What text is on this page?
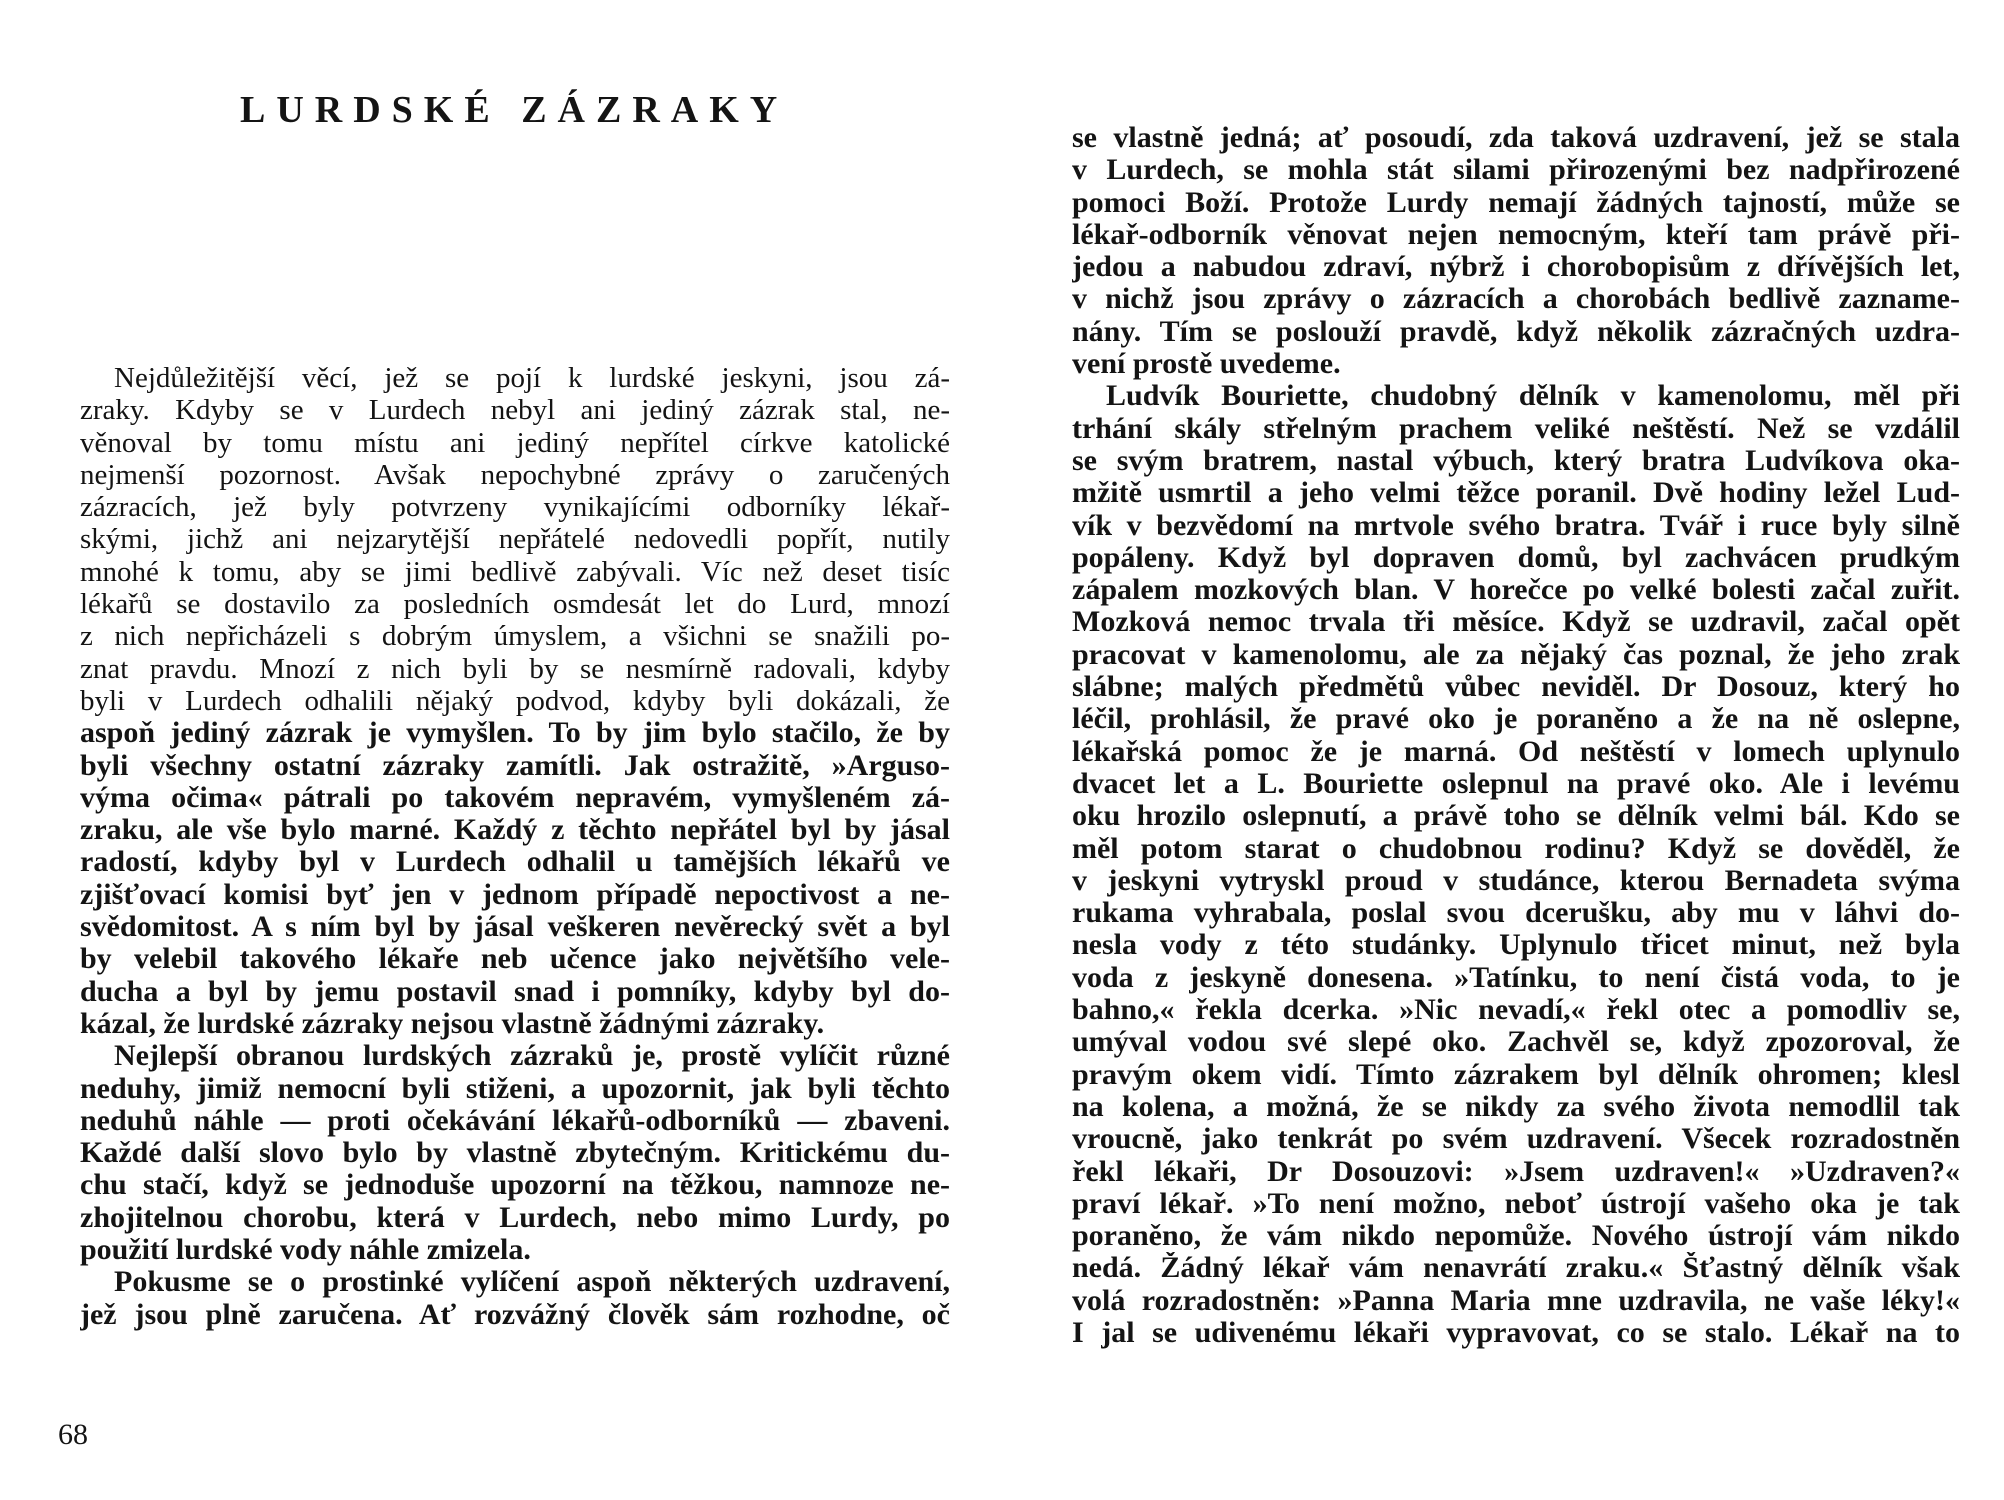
LURDSKÉ ZÁZRAKY
Nejdůležitější věcí, jež se pojí k lurdské jeskyni, jsou zá-
zraky. Kdyby se v Lurdech nebyl ani jediný zázrak stal, ne-
věnoval by tomu místu ani jediný nepřítel církve katolické
nejmenší pozornost. Avšak nepochybné zprávy o zaručených
zázracích, jež byly potvrzeny vynikajícími odborníky lékař-
skými, jichž ani nejzarytější nepřátelé nedovedli popřít, nutily
mnohé k tomu, aby se jimi bedlivě zabývali. Víc než deset tisíc
lékařů se dostavilo za posledních osmdesát let do Lurd, mnozí
z nich nepřicházeli s dobrým úmyslem, a všichni se snažili po-
znat pravdu. Mnozí z nich byli by se nesmírně radovali, kdyby
byli v Lurdech odhalili nějaký podvod, kdyby byli dokázali, že
aspoň jediný zázrak je vymyšlen. To by jim bylo stačilo, že by
byli všechny ostatní zázraky zamítli. Jak ostražitě, »Arguso-
výma očima« pátrali po takovém nepravém, vymyšleném zá-
zraku, ale vše bylo marné. Každý z těchto nepřátel byl by jásal
radostí, kdyby byl v Lurdech odhalil u tamějších lékařů ve
zjišťovací komisi byť jen v jednom případě nepoctivost a ne-
svědomitost. A s ním byl by jásal veškeren nevěrecký svět a byl
by velebil takového lékaře neb učence jako největšího vele-
ducha a byl by jemu postavil snad i pomníky, kdyby byl do-
kázal, že lurdské zázraky nejsou vlastně žádnými zázraky.
Nejlepší obranou lurdských zázraků je, prostě vylíčit různé
neduhy, jimiž nemocní byli stiženi, a upozornit, jak byli těchto
neduhů náhle — proti očekávání lékařů-odborníků — zbaveni.
Každé další slovo bylo by vlastně zbytečným. Kritickému du-
chu stačí, když se jednoduše upozorní na těžkou, namnoze ne-
zhojitelnou chorobu, která v Lurdech, nebo mimo Lurdy, po
použití lurdské vody náhle zmizela.
Pokusme se o prostinké vylíčení aspoň některých uzdravení,
jež jsou plně zaručena. Ať rozvážný člověk sám rozhodne, oč
68
se vlastně jedná; ať posoudí, zda taková uzdravení, jež se stala
v Lurdech, se mohla stát silami přirozenými bez nadpřirozené
pomoci Boží. Protože Lurdy nemají žádných tajností, může se
lékař-odborník věnovat nejen nemocným, kteří tam právě při-
jedou a nabudou zdraví, nýbrž i chorobopisům z dřívějších let,
v nichž jsou zprávy o zázracích a chorobách bedlivě zazname-
nány. Tím se poslouží pravdě, když několik zázračných uzdra-
vení prostě uvedeme.
Ludvík Bouriette, chudobný dělník v kamenolomu, měl při
trhání skály střelným prachem veliké neštěstí. Než se vzdálil
se svým bratrem, nastal výbuch, který bratra Ludvíkova oka-
mžitě usmrtil a jeho velmi těžce poranil. Dvě hodiny ležel Lud-
vík v bezvědomí na mrtvole svého bratra. Tvář i ruce byly silně
popáleny. Když byl dopraven domů, byl zachvácen prudkým
zápalem mozkových blan. V horečce po velké bolesti začal zuřit.
Mozková nemoc trvala tři měsíce. Když se uzdravil, začal opět
pracovat v kamenolomu, ale za nějaký čas poznal, že jeho zrak
slábne; malých předmětů vůbec neviděl. Dr Dosouz, který ho
léčil, prohlásil, že pravé oko je poraněno a že na ně oslepne,
lékařská pomoc že je marná. Od neštěstí v lomech uplynulo
dvacet let a L. Bouriette oslepnul na pravé oko. Ale i levému
oku hrozilo oslepnutí, a právě toho se dělník velmi bál. Kdo se
měl potom starat o chudobnou rodinu? Když se dověděl, že
v jeskyni vytryskl proud v studánce, kterou Bernadeta svýma
rukama vyhrabala, poslal svou dcerušku, aby mu v láhvi do-
nesla vody z této studánky. Uplynulo třicet minut, než byla
voda z jeskyně donesena. »Tatínku, to není čistá voda, to je
bahno,« řekla dcerka. »Nic nevadí,« řekl otec a pomodliv se,
umýval vodou své slepé oko. Zachvěl se, když zpozoroval, že
pravým okem vidí. Tímto zázrakem byl dělník ohromen; klesl
na kolena, a možná, že se nikdy za svého života nemodlil tak
vroucně, jako tenkrát po svém uzdravení. Všecek rozradostněn
řekl lékaři, Dr Dosouzovi: »Jsem uzdraven!« »Uzdraven?«
praví lékař. »To není možno, neboť ústrojí vašeho oka je tak
poraněno, že vám nikdo nepomůže. Nového ústrojí vám nikdo
nedá. Žádný lékař vám nenavrátí zraku.« Šťastný dělník však
volá rozradostněn: »Panna Maria mne uzdravila, ne vaše léky!«
I jal se udivenému lékaři vypravovat, co se stalo. Lékař na to
